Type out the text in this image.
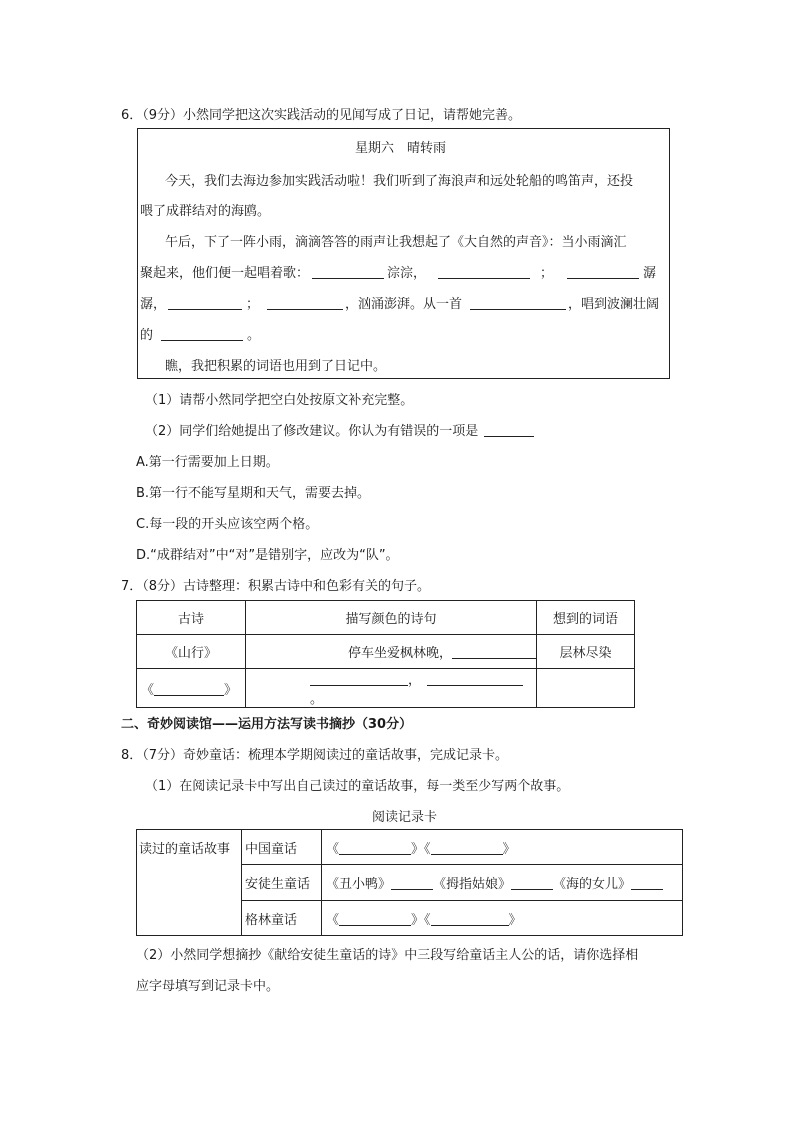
6．（9分）小然同学把这次实践活动的见闻写成了日记，请帮她完善。
星期六　晴转雨
今天，我们去海边参加实践活动啦！我们听到了海浪声和远处轮船的鸣笛声，还投
喂了成群结对的海鸥。
午后，下了一阵小雨，滴滴答答的雨声让我想起了《大自然的声音》：当小雨滴汇
聚起来，他们便一起唱着歌：	淙淙，	；	潺
潺，	；	，汹涌澎湃。从一首	，唱到波澜壮阔
的	。
瞧，我把积累的词语也用到了日记中。
（1）请帮小然同学把空白处按原文补充完整。
（2）同学们给她提出了修改建议。你认为有错误的一项是
A.第一行需要加上日期。
B.第一行不能写星期和天气，需要去掉。
C.每一段的开头应该空两个格。
D.“成群结对”中“对”是错别字，应改为“队”。
7．（8分）古诗整理：积累古诗中和色彩有关的句子。
古诗	描写颜色的诗句	想到的词语
《山行》	停车坐爱枫林晚，	层林尽染
《 》	，。	
二、奇妙阅读馆——运用方法写读书摘抄（30分）
8．（7分）奇妙童话：梳理本学期阅读过的童话故事，完成记录卡。
（1）在阅读记录卡中写出自己读过的童话故事，每一类至少写两个故事。
阅读记录卡
读过的童话故事	中国童话	《 》《 》
	安徒生童话	《丑小鸭》 《拇指姑娘》 《海的女儿》
	格林童话	《 》《 》
（2）小然同学想摘抄《献给安徒生童话的诗》中三段写给童话主人公的话，请你选择相
应字母填写到记录卡中。
